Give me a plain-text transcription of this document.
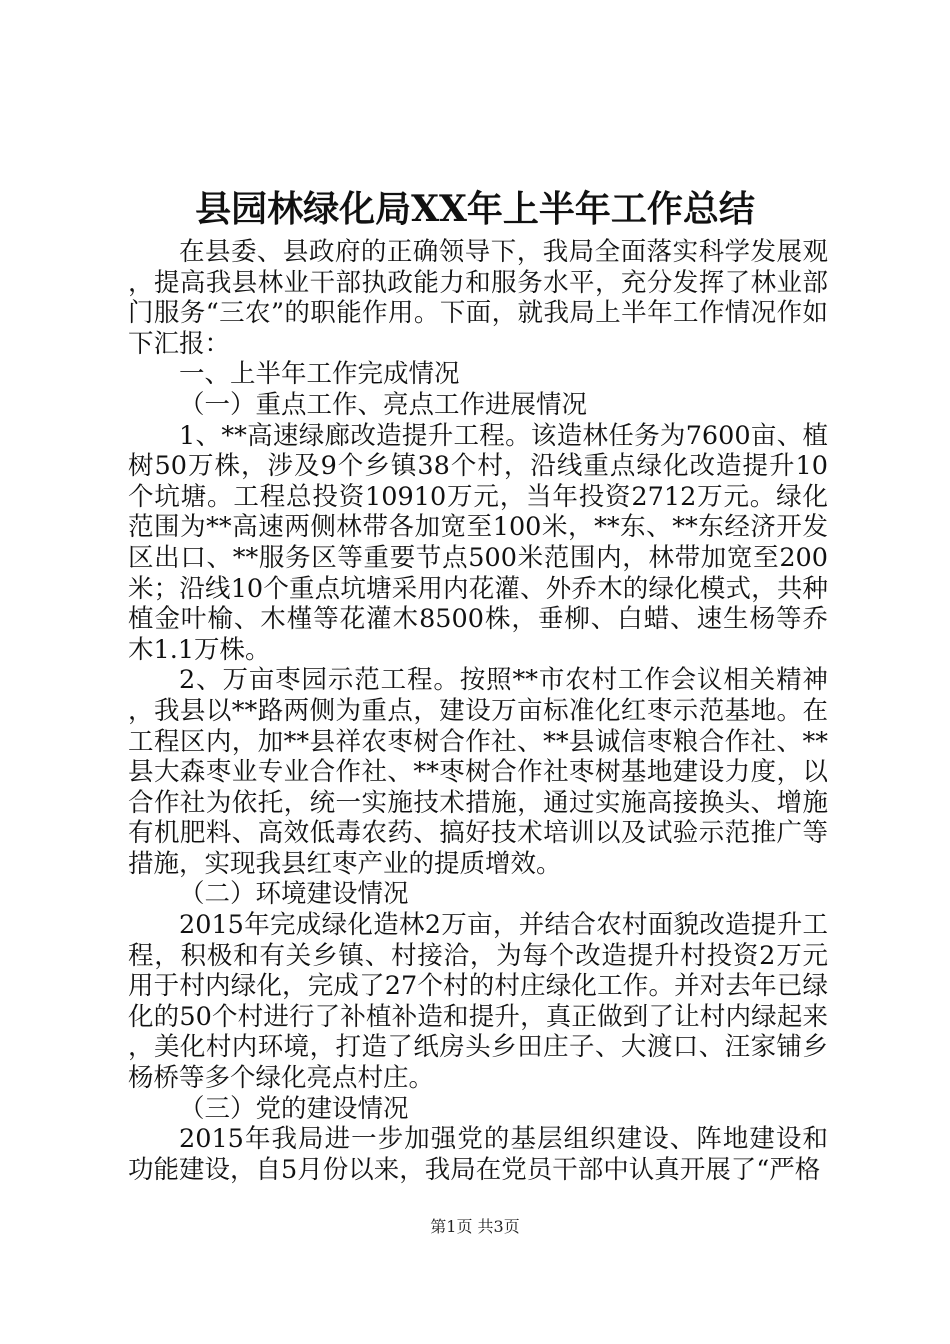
县园林绿化局XX年上半年工作总结

在县委、县政府的正确领导下，我局全面落实科学发展观，提高我县林业干部执政能力和服务水平，充分发挥了林业部门服务“三农”的职能作用。下面，就我局上半年工作情况作如下汇报：

一、上半年工作完成情况

（一）重点工作、亮点工作进展情况

1、**高速绿廊改造提升工程。该造林任务为7600亩、植树50万株，涉及9个乡镇38个村，沿线重点绿化改造提升10个坑塘。工程总投资10910万元，当年投资2712万元。绿化范围为**高速两侧林带各加宽至100米，**东、**东经济开发区出口、**服务区等重要节点500米范围内，林带加宽至200米；沿线10个重点坑塘采用内花灌、外乔木的绿化模式，共种植金叶榆、木槿等花灌木8500株，垂柳、白蜡、速生杨等乔木1.1万株。

2、万亩枣园示范工程。按照**市农村工作会议相关精神，我县以**路两侧为重点，建设万亩标准化红枣示范基地。在工程区内，加**县祥农枣树合作社、**县诚信枣粮合作社、**县大森枣业专业合作社、**枣树合作社枣树基地建设力度，以合作社为依托，统一实施技术措施，通过实施高接换头、增施有机肥料、高效低毒农药、搞好技术培训以及试验示范推广等措施，实现我县红枣产业的提质增效。

（二）环境建设情况

2015年完成绿化造林2万亩，并结合农村面貌改造提升工程，积极和有关乡镇、村接洽，为每个改造提升村投资2万元用于村内绿化，完成了27个村的村庄绿化工作。并对去年已绿化的50个村进行了补植补造和提升，真正做到了让村内绿起来，美化村内环境，打造了纸房头乡田庄子、大渡口、汪家铺乡杨桥等多个绿化亮点村庄。

（三）党的建设情况

2015年我局进一步加强党的基层组织建设、阵地建设和功能建设，自5月份以来，我局在党员干部中认真开展了“严格

第1页 共3页
